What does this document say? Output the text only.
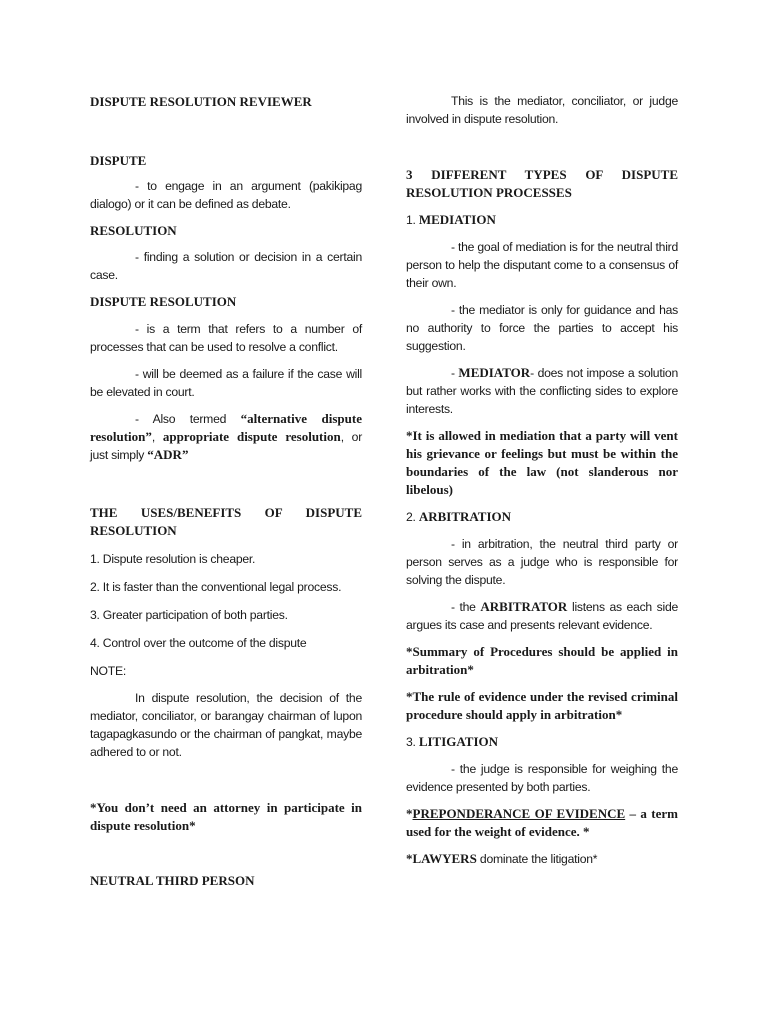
DISPUTE RESOLUTION REVIEWER

DISPUTE

- to engage in an argument (pakikipag dialogo) or it can be defined as debate.

RESOLUTION

- finding a solution or decision in a certain case.

DISPUTE RESOLUTION

- is a term that refers to a number of processes that can be used to resolve a conflict.

- will be deemed as a failure if the case will be elevated in court.

- Also termed “alternative dispute resolution”, appropriate dispute resolution, or just simply “ADR”

THE USES/BENEFITS OF DISPUTE RESOLUTION

1. Dispute resolution is cheaper.

2. It is faster than the conventional legal process.

3. Greater participation of both parties.

4. Control over the outcome of the dispute

NOTE:

In dispute resolution, the decision of the mediator, conciliator, or barangay chairman of lupon tagapagkasundo or the chairman of pangkat, maybe adhered to or not.

*You don’t need an attorney in participate in dispute resolution*

NEUTRAL THIRD PERSON

This is the mediator, conciliator, or judge involved in dispute resolution.

3 DIFFERENT TYPES OF DISPUTE RESOLUTION PROCESSES

1. MEDIATION

- the goal of mediation is for the neutral third person to help the disputant come to a consensus of their own.

- the mediator is only for guidance and has no authority to force the parties to accept his suggestion.

- MEDIATOR- does not impose a solution but rather works with the conflicting sides to explore interests.

*It is allowed in mediation that a party will vent his grievance or feelings but must be within the boundaries of the law (not slanderous nor libelous)

2. ARBITRATION

- in arbitration, the neutral third party or person serves as a judge who is responsible for solving the dispute.

- the ARBITRATOR listens as each side argues its case and presents relevant evidence.

*Summary of Procedures should be applied in arbitration*

*The rule of evidence under the revised criminal procedure should apply in arbitration*

3. LITIGATION

- the judge is responsible for weighing the evidence presented by both parties.

*PREPONDERANCE OF EVIDENCE – a term used for the weight of evidence. *

*LAWYERS dominate the litigation*
